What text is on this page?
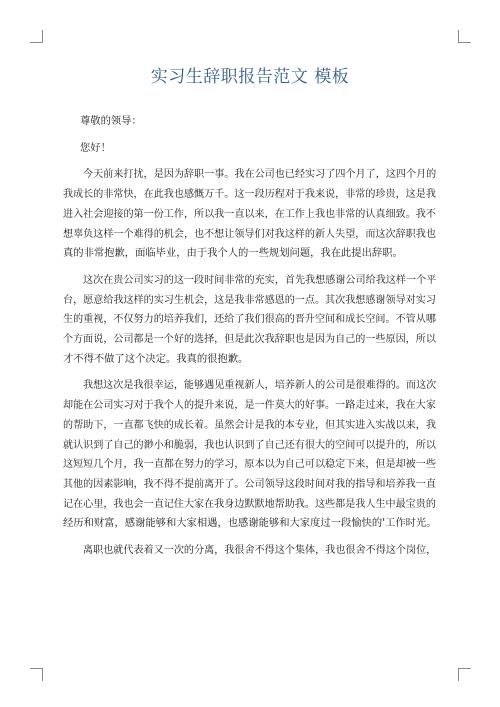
实习生辞职报告范文 模板
尊敬的领导：
您好！
今天前来打扰，是因为辞职一事。我在公司也已经实习了四个月了，这四个月的
我成长的非常快，在此我也感慨万千。这一段历程对于我来说，非常的珍贵，这是我
进入社会迎接的第一份工作，所以我一直以来，在工作上我也非常的认真细致。我不
想辜负这样一个难得的机会，也不想让领导们对我这样的新人失望，而这次辞职我也
真的非常抱歉，面临毕业，由于我个人的一些规划问题，我在此提出辞职。
这次在贵公司实习的这一段时间非常的充实，首先我想感谢公司给我这样一个平
台，愿意给我这样的实习生机会，这是我非常感恩的一点。其次我想感谢领导对实习
生的重视，不仅努力的培养我们，还给了我们很高的晋升空间和成长空间。不管从哪
个方面说，公司都是一个好的选择，但是此次我辞职也是因为自己的一些原因，所以
才不得不做了这个决定。我真的很抱歉。
我想这次是我很幸运，能够遇见重视新人，培养新人的公司是很难得的。而这次
却能在公司实习对于我个人的提升来说，是一件莫大的好事。一路走过来，我在大家
的帮助下，一直都飞快的成长着。虽然会计是我的本专业，但其实进入实战以来，我
就认识到了自己的渺小和脆弱，我也认识到了自己还有很大的空间可以提升的，所以
这短短几个月，我一直都在努力的学习，原本以为自己可以稳定下来，但是却被一些
其他的因素影响，我不得不提前离开了。公司领导这段时间对我的指导和培养我一直
记在心里，我也会一直记住大家在我身边默默地帮助我。这些都是我人生中最宝贵的
经历和财富，感谢能够和大家相遇，也感谢能够和大家度过一段愉快的'工作时光。
离职也就代表着又一次的分离，我很舍不得这个集体，我也很舍不得这个岗位，
